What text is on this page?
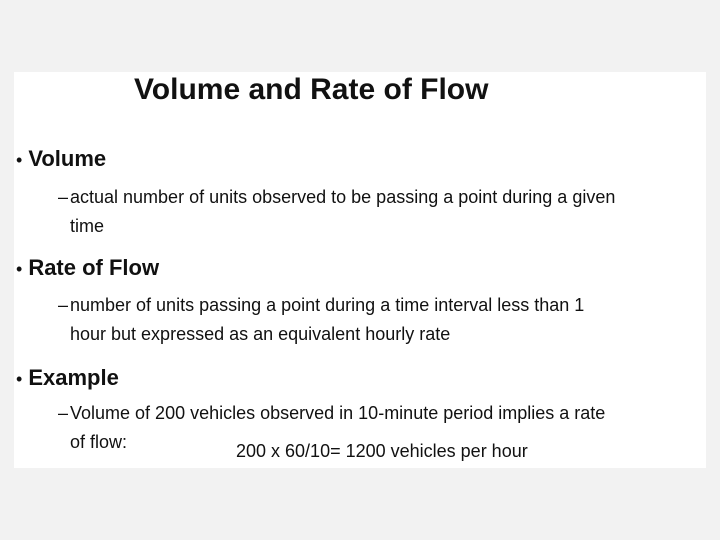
Volume and Rate of Flow
• Volume
– actual number of units observed to be passing a point during a given
time
• Rate of Flow
– number of units passing a point during a time interval less than 1
hour but expressed as an equivalent hourly rate
• Example
– Volume of 200 vehicles observed in 10-minute period implies a rate
of flow:	200 x 60/10= 1200 vehicles per hour
